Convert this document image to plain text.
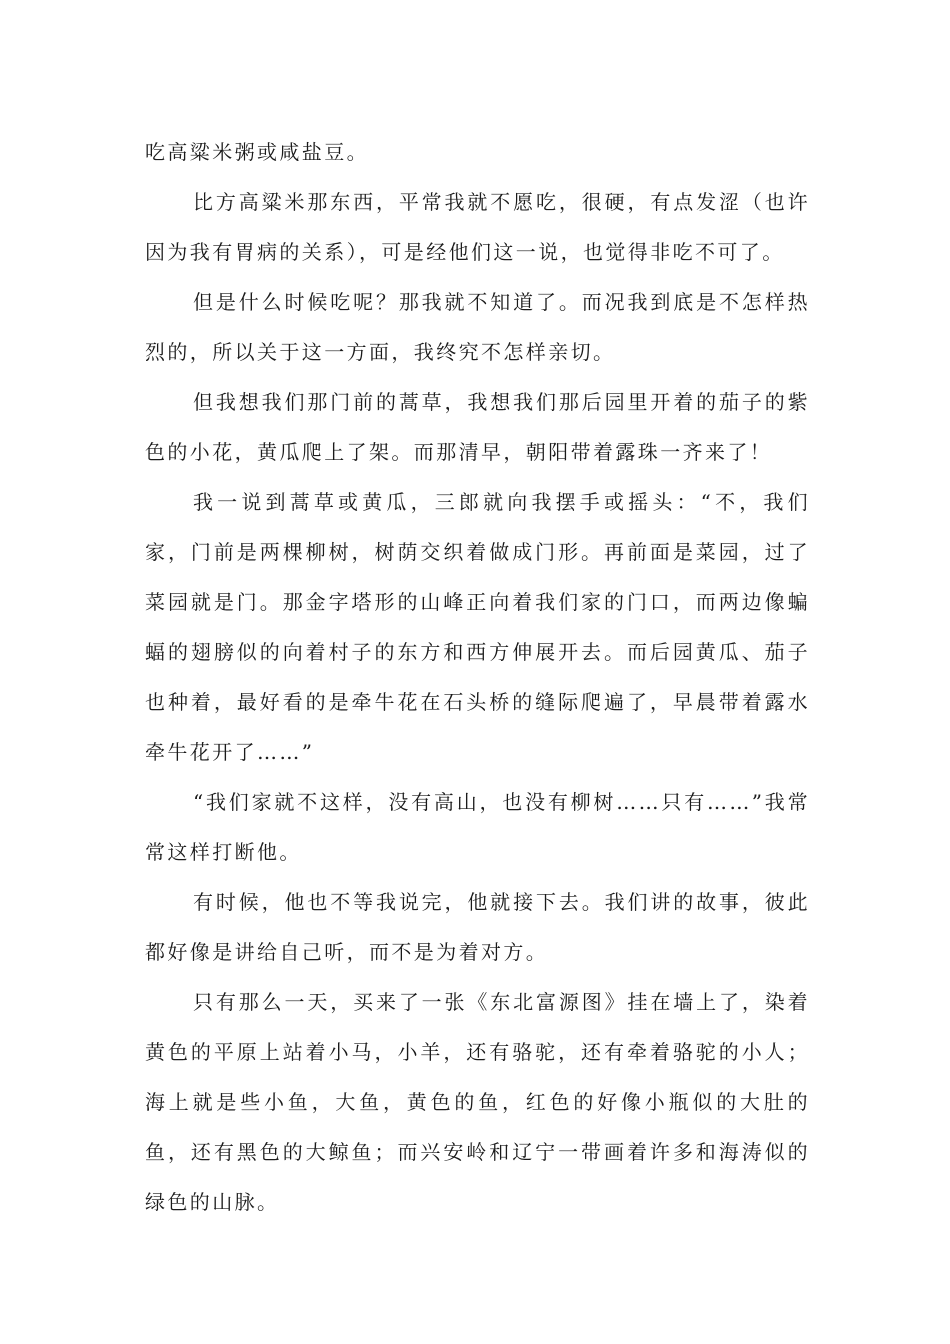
吃高粱米粥或咸盐豆。

比方高粱米那东西，平常我就不愿吃，很硬，有点发涩（也许因为我有胃病的关系），可是经他们这一说，也觉得非吃不可了。

但是什么时候吃呢？那我就不知道了。而况我到底是不怎样热烈的，所以关于这一方面，我终究不怎样亲切。

但我想我们那门前的蒿草，我想我们那后园里开着的茄子的紫色的小花，黄瓜爬上了架。而那清早，朝阳带着露珠一齐来了！

我一说到蒿草或黄瓜，三郎就向我摆手或摇头：“不，我们家，门前是两棵柳树，树荫交织着做成门形。再前面是菜园，过了菜园就是门。那金字塔形的山峰正向着我们家的门口，而两边像蝙蝠的翅膀似的向着村子的东方和西方伸展开去。而后园黄瓜、茄子也种着，最好看的是牵牛花在石头桥的缝际爬遍了，早晨带着露水牵牛花开了……”

“我们家就不这样，没有高山，也没有柳树……只有……”我常常这样打断他。

有时候，他也不等我说完，他就接下去。我们讲的故事，彼此都好像是讲给自己听，而不是为着对方。

只有那么一天，买来了一张《东北富源图》挂在墙上了，染着黄色的平原上站着小马，小羊，还有骆驼，还有牵着骆驼的小人；海上就是些小鱼，大鱼，黄色的鱼，红色的好像小瓶似的大肚的鱼，还有黑色的大鲸鱼；而兴安岭和辽宁一带画着许多和海涛似的绿色的山脉。
